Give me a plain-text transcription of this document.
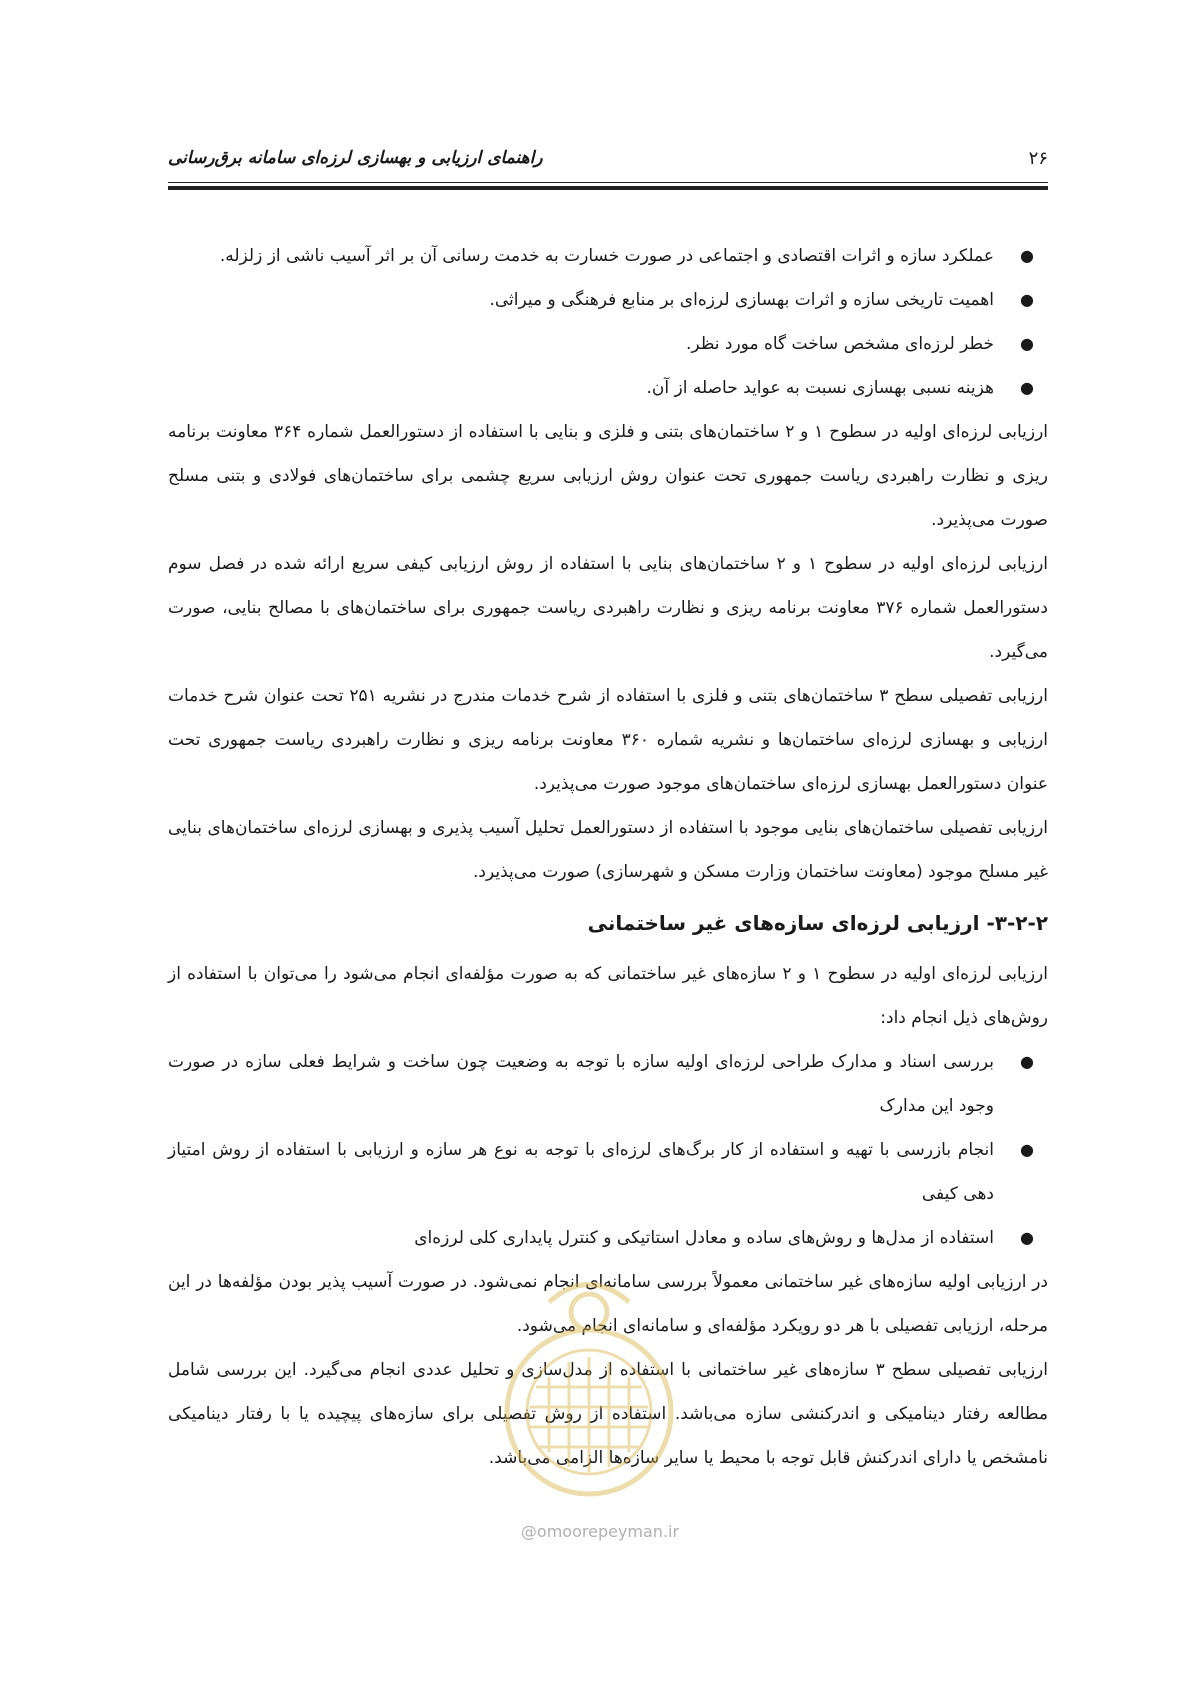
۲۶
راهنمای ارزیابی و بهسازی لرزه‌ای سامانه برق‌رسانی
●
عملکرد سازه و اثرات اقتصادی و اجتماعی در صورت خسارت به خدمت رسانی آن بر اثر آسیب ناشی از زلزله.
●
اهمیت تاریخی سازه و اثرات بهسازی لرزه‌ای بر منابع فرهنگی و میراثی.
●
خطر لرزه‌ای مشخص ساخت گاه مورد نظر.
●
هزینه نسبی بهسازی نسبت به عواید حاصله از آن.

ارزیابی لرزه‌ای اولیه در سطوح ۱ و ۲ ساختمان‌های بتنی و فلزی و بنایی با استفاده از دستورالعمل شماره ۳۶۴ معاونت برنامه ریزی و نظارت راهبردی ریاست جمهوری تحت عنوان روش ارزیابی سریع چشمی برای ساختمان‌های فولادی و بتنی مسلح صورت می‌پذیرد.

ارزیابی لرزه‌ای اولیه در سطوح ۱ و ۲ ساختمان‌های بنایی با استفاده از روش ارزیابی کیفی سریع ارائه شده در فصل سوم دستورالعمل شماره ۳۷۶ معاونت برنامه ریزی و نظارت راهبردی ریاست جمهوری برای ساختمان‌های با مصالح بنایی، صورت می‌گیرد.

ارزیابی تفصیلی سطح ۳ ساختمان‌های بتنی و فلزی با استفاده از شرح خدمات مندرج در نشریه ۲۵۱ تحت عنوان شرح خدمات ارزیابی و بهسازی لرزه‌ای ساختمان‌ها و نشریه شماره ۳۶۰ معاونت برنامه ریزی و نظارت راهبردی ریاست جمهوری تحت عنوان دستورالعمل بهسازی لرزه‌ای ساختمان‌های موجود صورت می‌پذیرد.

ارزیابی تفصیلی ساختمان‌های بنایی موجود با استفاده از دستورالعمل تحلیل آسیب پذیری و بهسازی لرزه‌ای ساختمان‌های بنایی غیر مسلح موجود (معاونت ساختمان وزارت مسکن و شهرسازی) صورت می‌پذیرد.

۳-۲-۲- ارزیابی لرزه‌ای سازه‌های غیر ساختمانی

ارزیابی لرزه‌ای اولیه در سطوح ۱ و ۲ سازه‌های غیر ساختمانی که به صورت مؤلفه‌ای انجام می‌شود را می‌توان با استفاده از روش‌های ذیل انجام داد:

●
بررسی اسناد و مدارک طراحی لرزه‌ای اولیه سازه با توجه به وضعیت چون ساخت و شرایط فعلی سازه در صورت وجود این مدارک
●
انجام بازرسی با تهیه و استفاده از کار برگ‌های لرزه‌ای با توجه به نوع هر سازه و ارزیابی با استفاده از روش امتیاز دهی کیفی
●
استفاده از مدل‌ها و روش‌های ساده و معادل استاتیکی و کنترل پایداری کلی لرزه‌ای

در ارزیابی اولیه سازه‌های غیر ساختمانی معمولاً بررسی سامانه‌ای انجام نمی‌شود. در صورت آسیب پذیر بودن مؤلفه‌ها در این مرحله، ارزیابی تفصیلی با هر دو رویکرد مؤلفه‌ای و سامانه‌ای انجام می‌شود.

ارزیابی تفصیلی سطح ۳ سازه‌های غیر ساختمانی با استفاده از مدل‌سازی و تحلیل عددی انجام می‌گیرد. این بررسی شامل مطالعه رفتار دینامیکی و اندرکنشی سازه می‌باشد. استفاده از روش تفصیلی برای سازه‌های پیچیده یا با رفتار دینامیکی نامشخص یا دارای اندرکنش قابل توجه با محیط یا سایر سازه‌ها الزامی می‌باشد.

@omoorepeyman.ir
